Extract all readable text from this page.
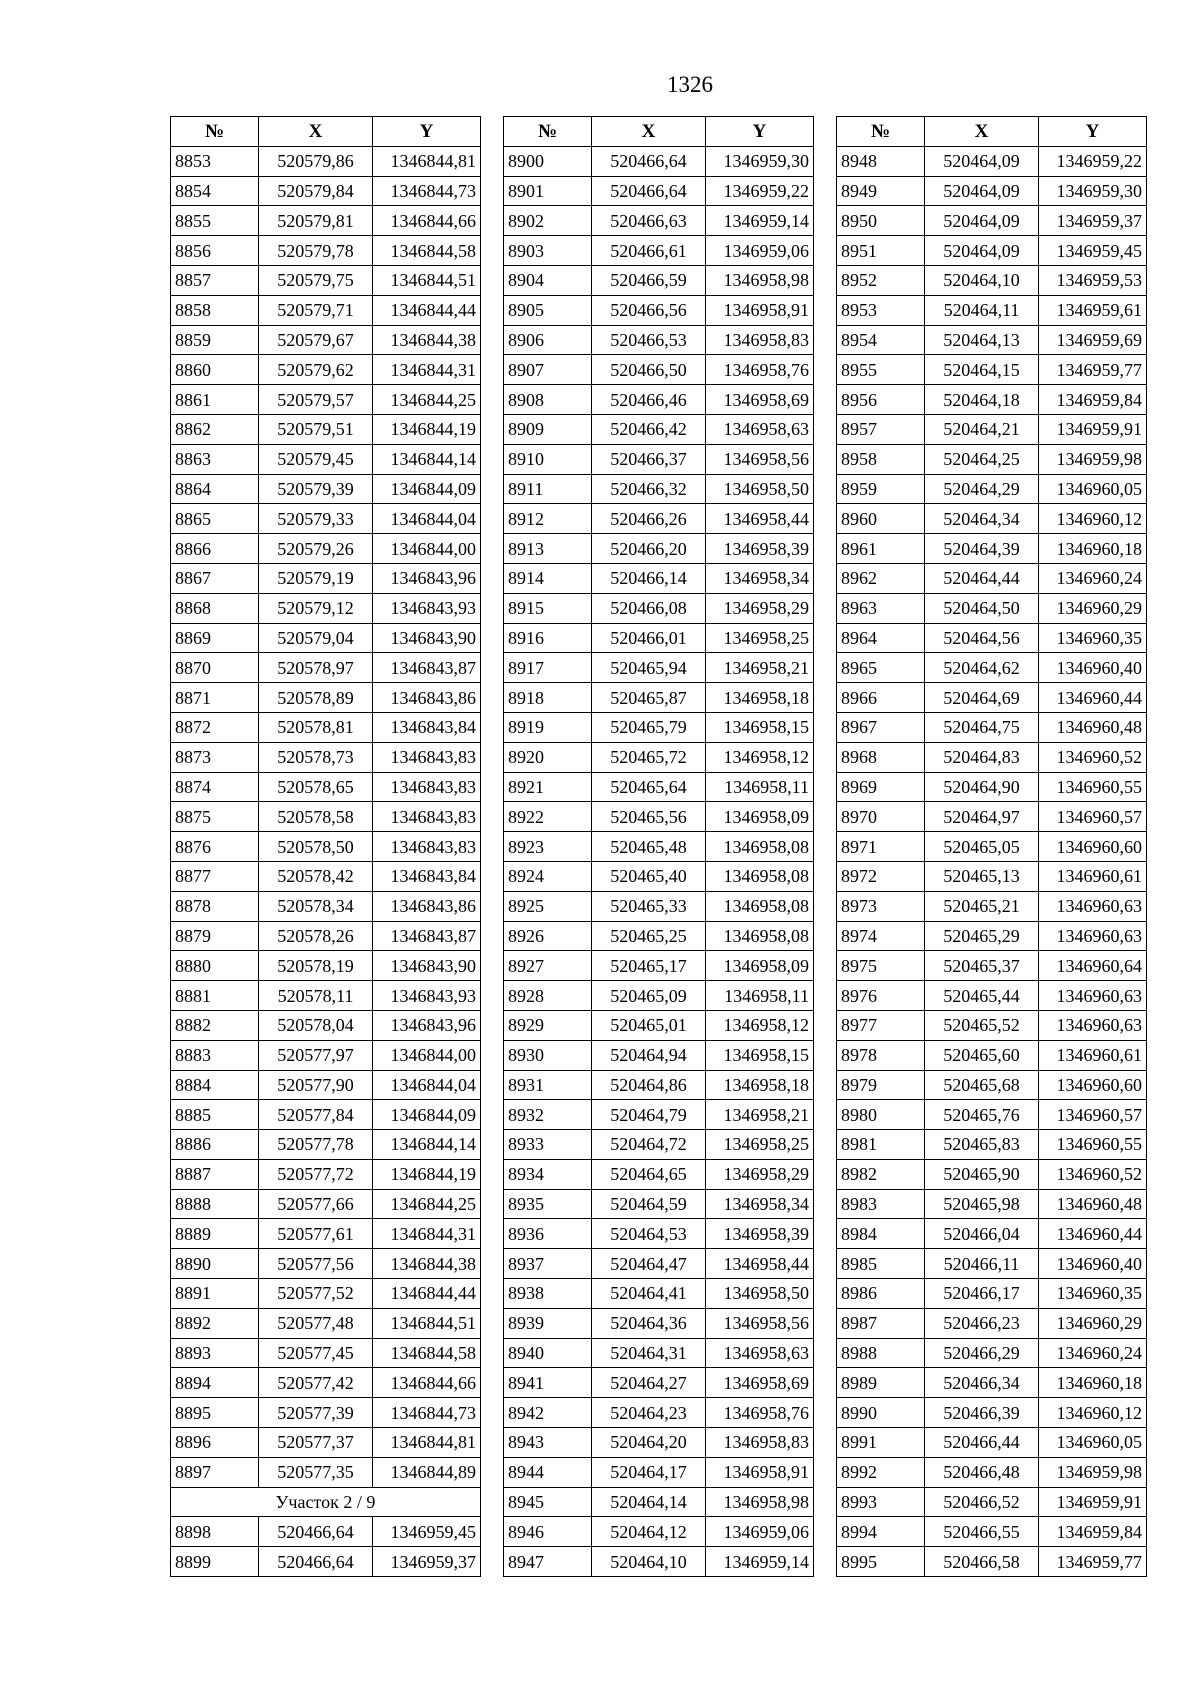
1326
№	X	Y
8853	520579,86	1346844,81
8854	520579,84	1346844,73
8855	520579,81	1346844,66
8856	520579,78	1346844,58
8857	520579,75	1346844,51
8858	520579,71	1346844,44
8859	520579,67	1346844,38
8860	520579,62	1346844,31
8861	520579,57	1346844,25
8862	520579,51	1346844,19
8863	520579,45	1346844,14
8864	520579,39	1346844,09
8865	520579,33	1346844,04
8866	520579,26	1346844,00
8867	520579,19	1346843,96
8868	520579,12	1346843,93
8869	520579,04	1346843,90
8870	520578,97	1346843,87
8871	520578,89	1346843,86
8872	520578,81	1346843,84
8873	520578,73	1346843,83
8874	520578,65	1346843,83
8875	520578,58	1346843,83
8876	520578,50	1346843,83
8877	520578,42	1346843,84
8878	520578,34	1346843,86
8879	520578,26	1346843,87
8880	520578,19	1346843,90
8881	520578,11	1346843,93
8882	520578,04	1346843,96
8883	520577,97	1346844,00
8884	520577,90	1346844,04
8885	520577,84	1346844,09
8886	520577,78	1346844,14
8887	520577,72	1346844,19
8888	520577,66	1346844,25
8889	520577,61	1346844,31
8890	520577,56	1346844,38
8891	520577,52	1346844,44
8892	520577,48	1346844,51
8893	520577,45	1346844,58
8894	520577,42	1346844,66
8895	520577,39	1346844,73
8896	520577,37	1346844,81
8897	520577,35	1346844,89
Участок 2 / 9		
8898	520466,64	1346959,45
8899	520466,64	1346959,37
№	X	Y
8900	520466,64	1346959,30
8901	520466,64	1346959,22
8902	520466,63	1346959,14
8903	520466,61	1346959,06
8904	520466,59	1346958,98
8905	520466,56	1346958,91
8906	520466,53	1346958,83
8907	520466,50	1346958,76
8908	520466,46	1346958,69
8909	520466,42	1346958,63
8910	520466,37	1346958,56
8911	520466,32	1346958,50
8912	520466,26	1346958,44
8913	520466,20	1346958,39
8914	520466,14	1346958,34
8915	520466,08	1346958,29
8916	520466,01	1346958,25
8917	520465,94	1346958,21
8918	520465,87	1346958,18
8919	520465,79	1346958,15
8920	520465,72	1346958,12
8921	520465,64	1346958,11
8922	520465,56	1346958,09
8923	520465,48	1346958,08
8924	520465,40	1346958,08
8925	520465,33	1346958,08
8926	520465,25	1346958,08
8927	520465,17	1346958,09
8928	520465,09	1346958,11
8929	520465,01	1346958,12
8930	520464,94	1346958,15
8931	520464,86	1346958,18
8932	520464,79	1346958,21
8933	520464,72	1346958,25
8934	520464,65	1346958,29
8935	520464,59	1346958,34
8936	520464,53	1346958,39
8937	520464,47	1346958,44
8938	520464,41	1346958,50
8939	520464,36	1346958,56
8940	520464,31	1346958,63
8941	520464,27	1346958,69
8942	520464,23	1346958,76
8943	520464,20	1346958,83
8944	520464,17	1346958,91
8945	520464,14	1346958,98
8946	520464,12	1346959,06
8947	520464,10	1346959,14
№	X	Y
8948	520464,09	1346959,22
8949	520464,09	1346959,30
8950	520464,09	1346959,37
8951	520464,09	1346959,45
8952	520464,10	1346959,53
8953	520464,11	1346959,61
8954	520464,13	1346959,69
8955	520464,15	1346959,77
8956	520464,18	1346959,84
8957	520464,21	1346959,91
8958	520464,25	1346959,98
8959	520464,29	1346960,05
8960	520464,34	1346960,12
8961	520464,39	1346960,18
8962	520464,44	1346960,24
8963	520464,50	1346960,29
8964	520464,56	1346960,35
8965	520464,62	1346960,40
8966	520464,69	1346960,44
8967	520464,75	1346960,48
8968	520464,83	1346960,52
8969	520464,90	1346960,55
8970	520464,97	1346960,57
8971	520465,05	1346960,60
8972	520465,13	1346960,61
8973	520465,21	1346960,63
8974	520465,29	1346960,63
8975	520465,37	1346960,64
8976	520465,44	1346960,63
8977	520465,52	1346960,63
8978	520465,60	1346960,61
8979	520465,68	1346960,60
8980	520465,76	1346960,57
8981	520465,83	1346960,55
8982	520465,90	1346960,52
8983	520465,98	1346960,48
8984	520466,04	1346960,44
8985	520466,11	1346960,40
8986	520466,17	1346960,35
8987	520466,23	1346960,29
8988	520466,29	1346960,24
8989	520466,34	1346960,18
8990	520466,39	1346960,12
8991	520466,44	1346960,05
8992	520466,48	1346959,98
8993	520466,52	1346959,91
8994	520466,55	1346959,84
8995	520466,58	1346959,77
